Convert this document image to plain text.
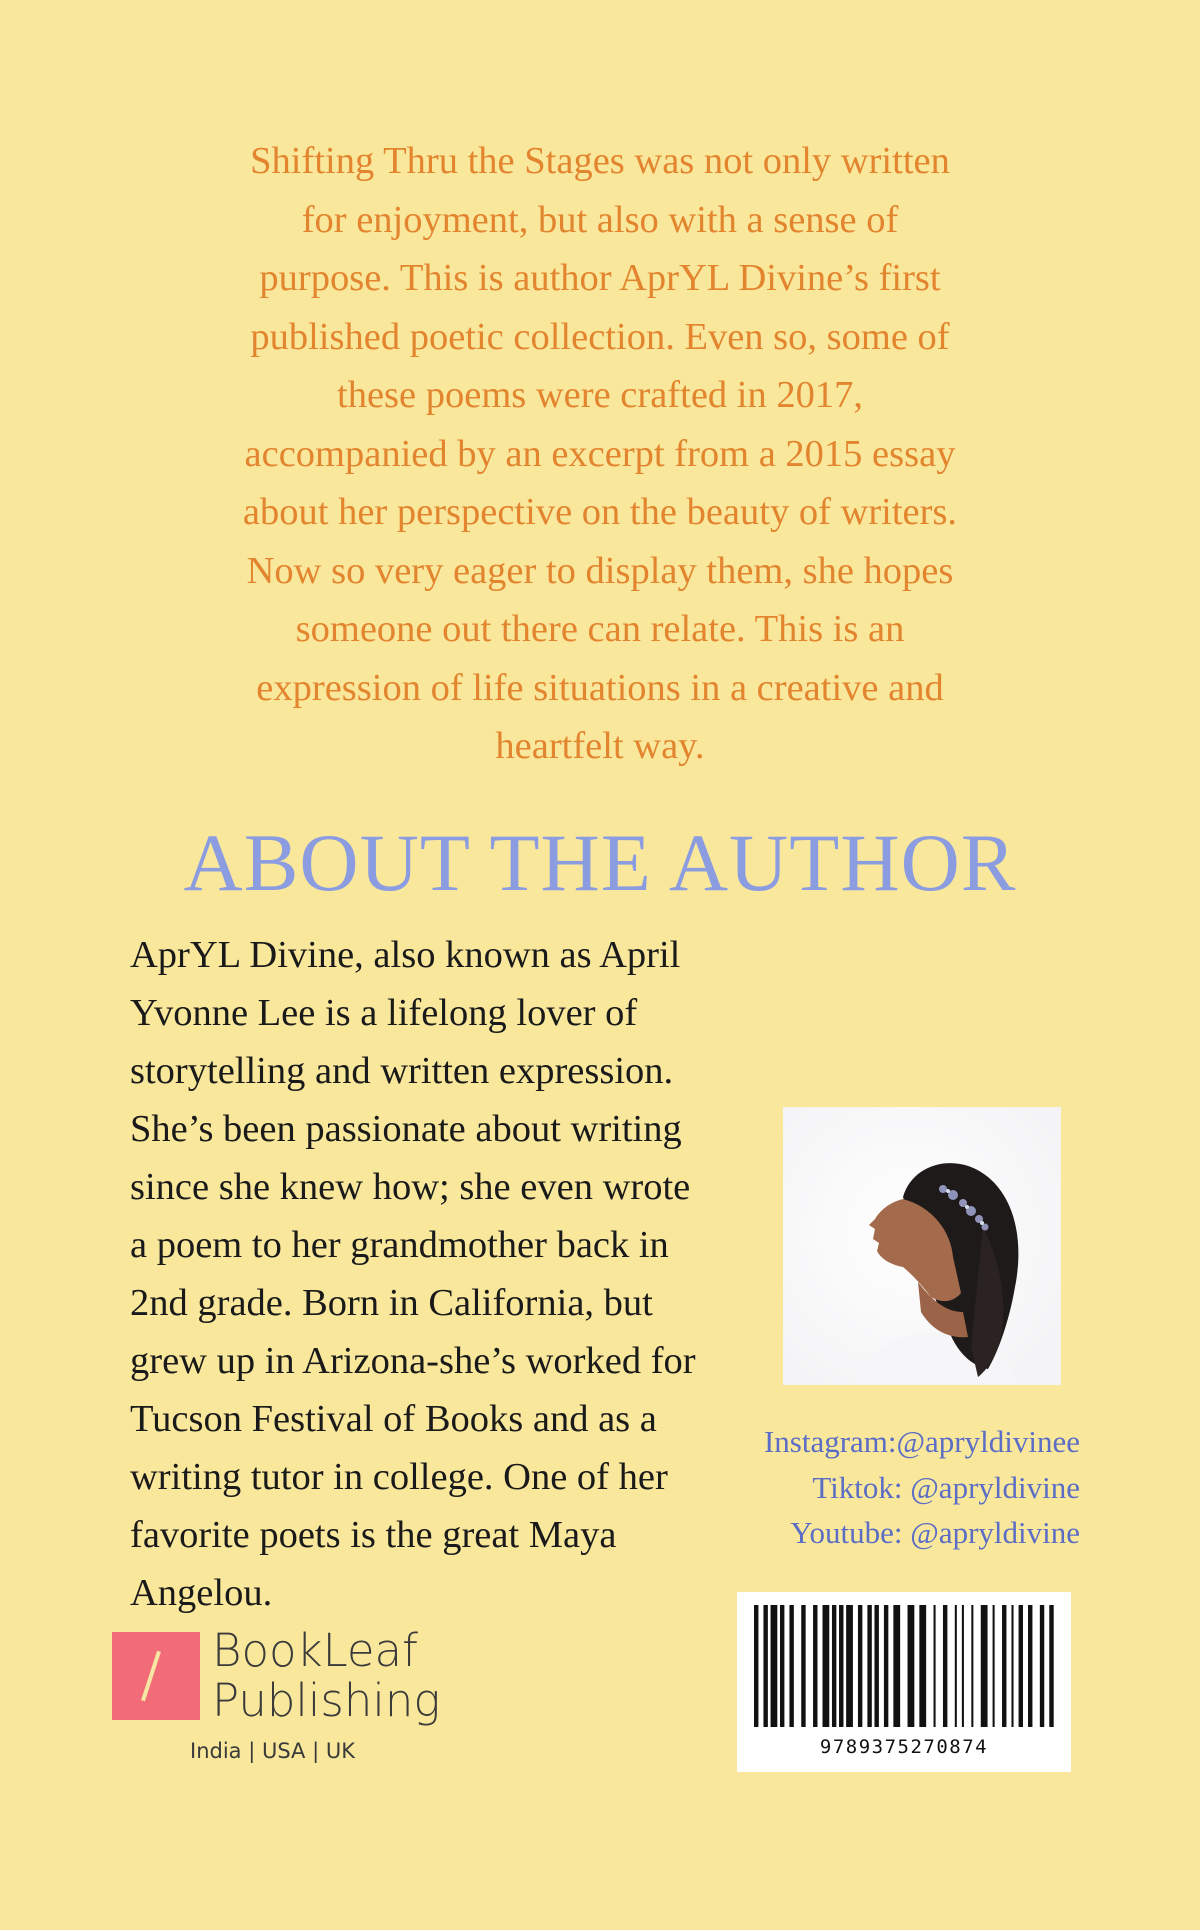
Shifting Thru the Stages was not only written
for enjoyment, but also with a sense of
purpose. This is author AprYL Divine’s first
published poetic collection. Even so, some of
these poems were crafted in 2017,
accompanied by an excerpt from a 2015 essay
about her perspective on the beauty of writers.
Now so very eager to display them, she hopes
someone out there can relate. This is an
expression of life situations in a creative and
heartfelt way.
ABOUT THE AUTHOR
AprYL Divine, also known as April
Yvonne Lee is a lifelong lover of
storytelling and written expression.
She’s been passionate about writing
since she knew how; she even wrote
a poem to her grandmother back in
2nd grade. Born in California, but
grew up in Arizona-she’s worked for
Tucson Festival of Books and as a
writing tutor in college. One of her
favorite poets is the great Maya
Angelou.
Instagram:@apryldivinee
Tiktok: @apryldivine
Youtube: @apryldivine
BookLeaf
Publishing
India | USA | UK	9789375270874
